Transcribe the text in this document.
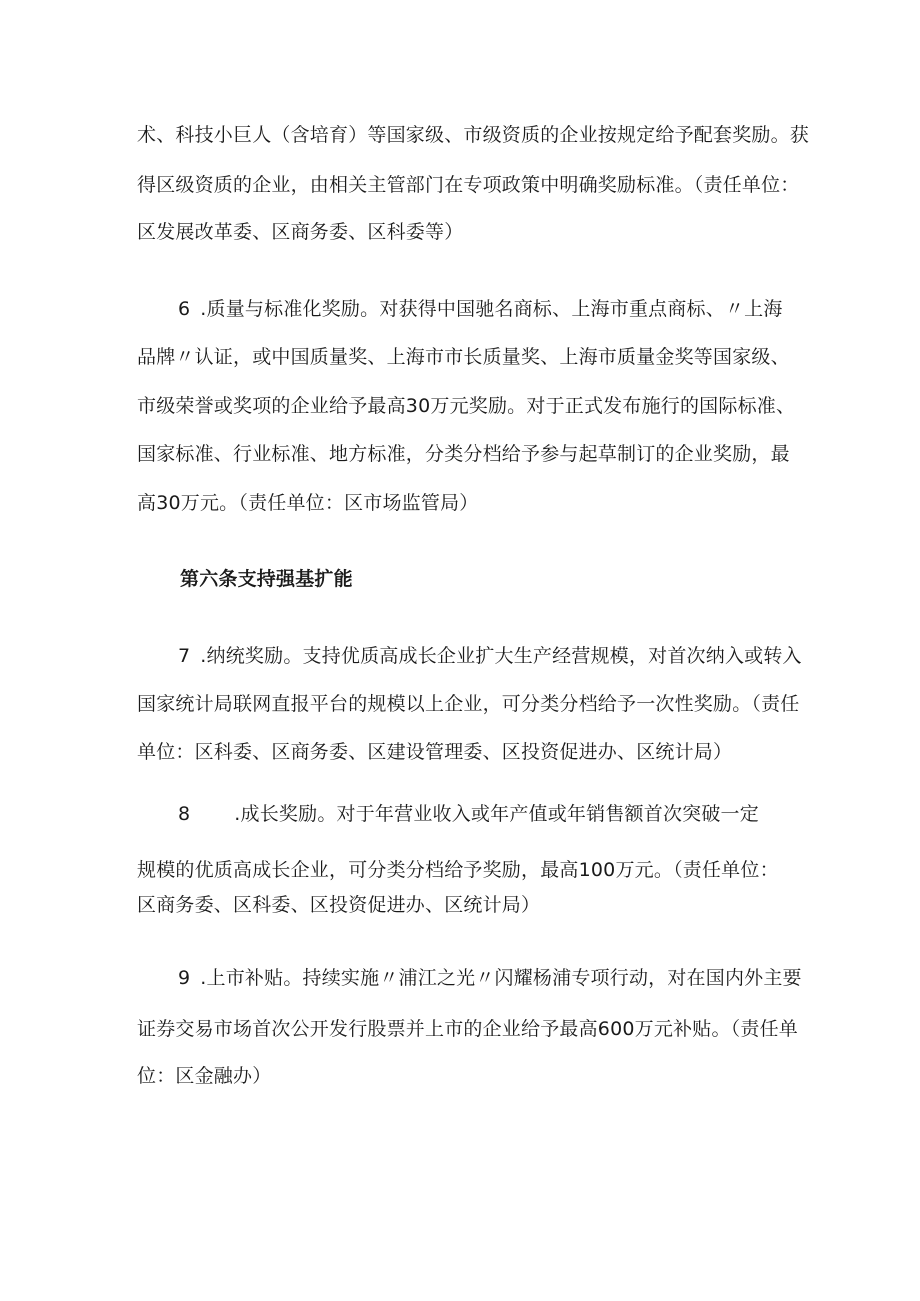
术、科技小巨人（含培育）等国家级、市级资质的企业按规定给予配套奖励。获
得区级资质的企业，由相关主管部门在专项政策中明确奖励标准。（责任单位：
区发展改革委、区商务委、区科委等）
6 .质量与标准化奖励。对获得中国驰名商标、上海市重点商标、〃上海
品牌〃认证，或中国质量奖、上海市市长质量奖、上海市质量金奖等国家级、
市级荣誉或奖项的企业给予最高30万元奖励。对于正式发布施行的国际标准、
国家标准、行业标准、地方标准，分类分档给予参与起草制订的企业奖励，最
高30万元。（责任单位：区市场监管局）
第六条支持强基扩能
7 .纳统奖励。支持优质高成长企业扩大生产经营规模，对首次纳入或转入
国家统计局联网直报平台的规模以上企业，可分类分档给予一次性奖励。（责任
单位：区科委、区商务委、区建设管理委、区投资促进办、区统计局）
8 .成长奖励。对于年营业收入或年产值或年销售额首次突破一定
规模的优质高成长企业，可分类分档给予奖励，最高100万元。（责任单位：
区商务委、区科委、区投资促进办、区统计局）
9 .上市补贴。持续实施〃浦江之光〃闪耀杨浦专项行动，对在国内外主要
证券交易市场首次公开发行股票并上市的企业给予最高600万元补贴。（责任单
位：区金融办）
